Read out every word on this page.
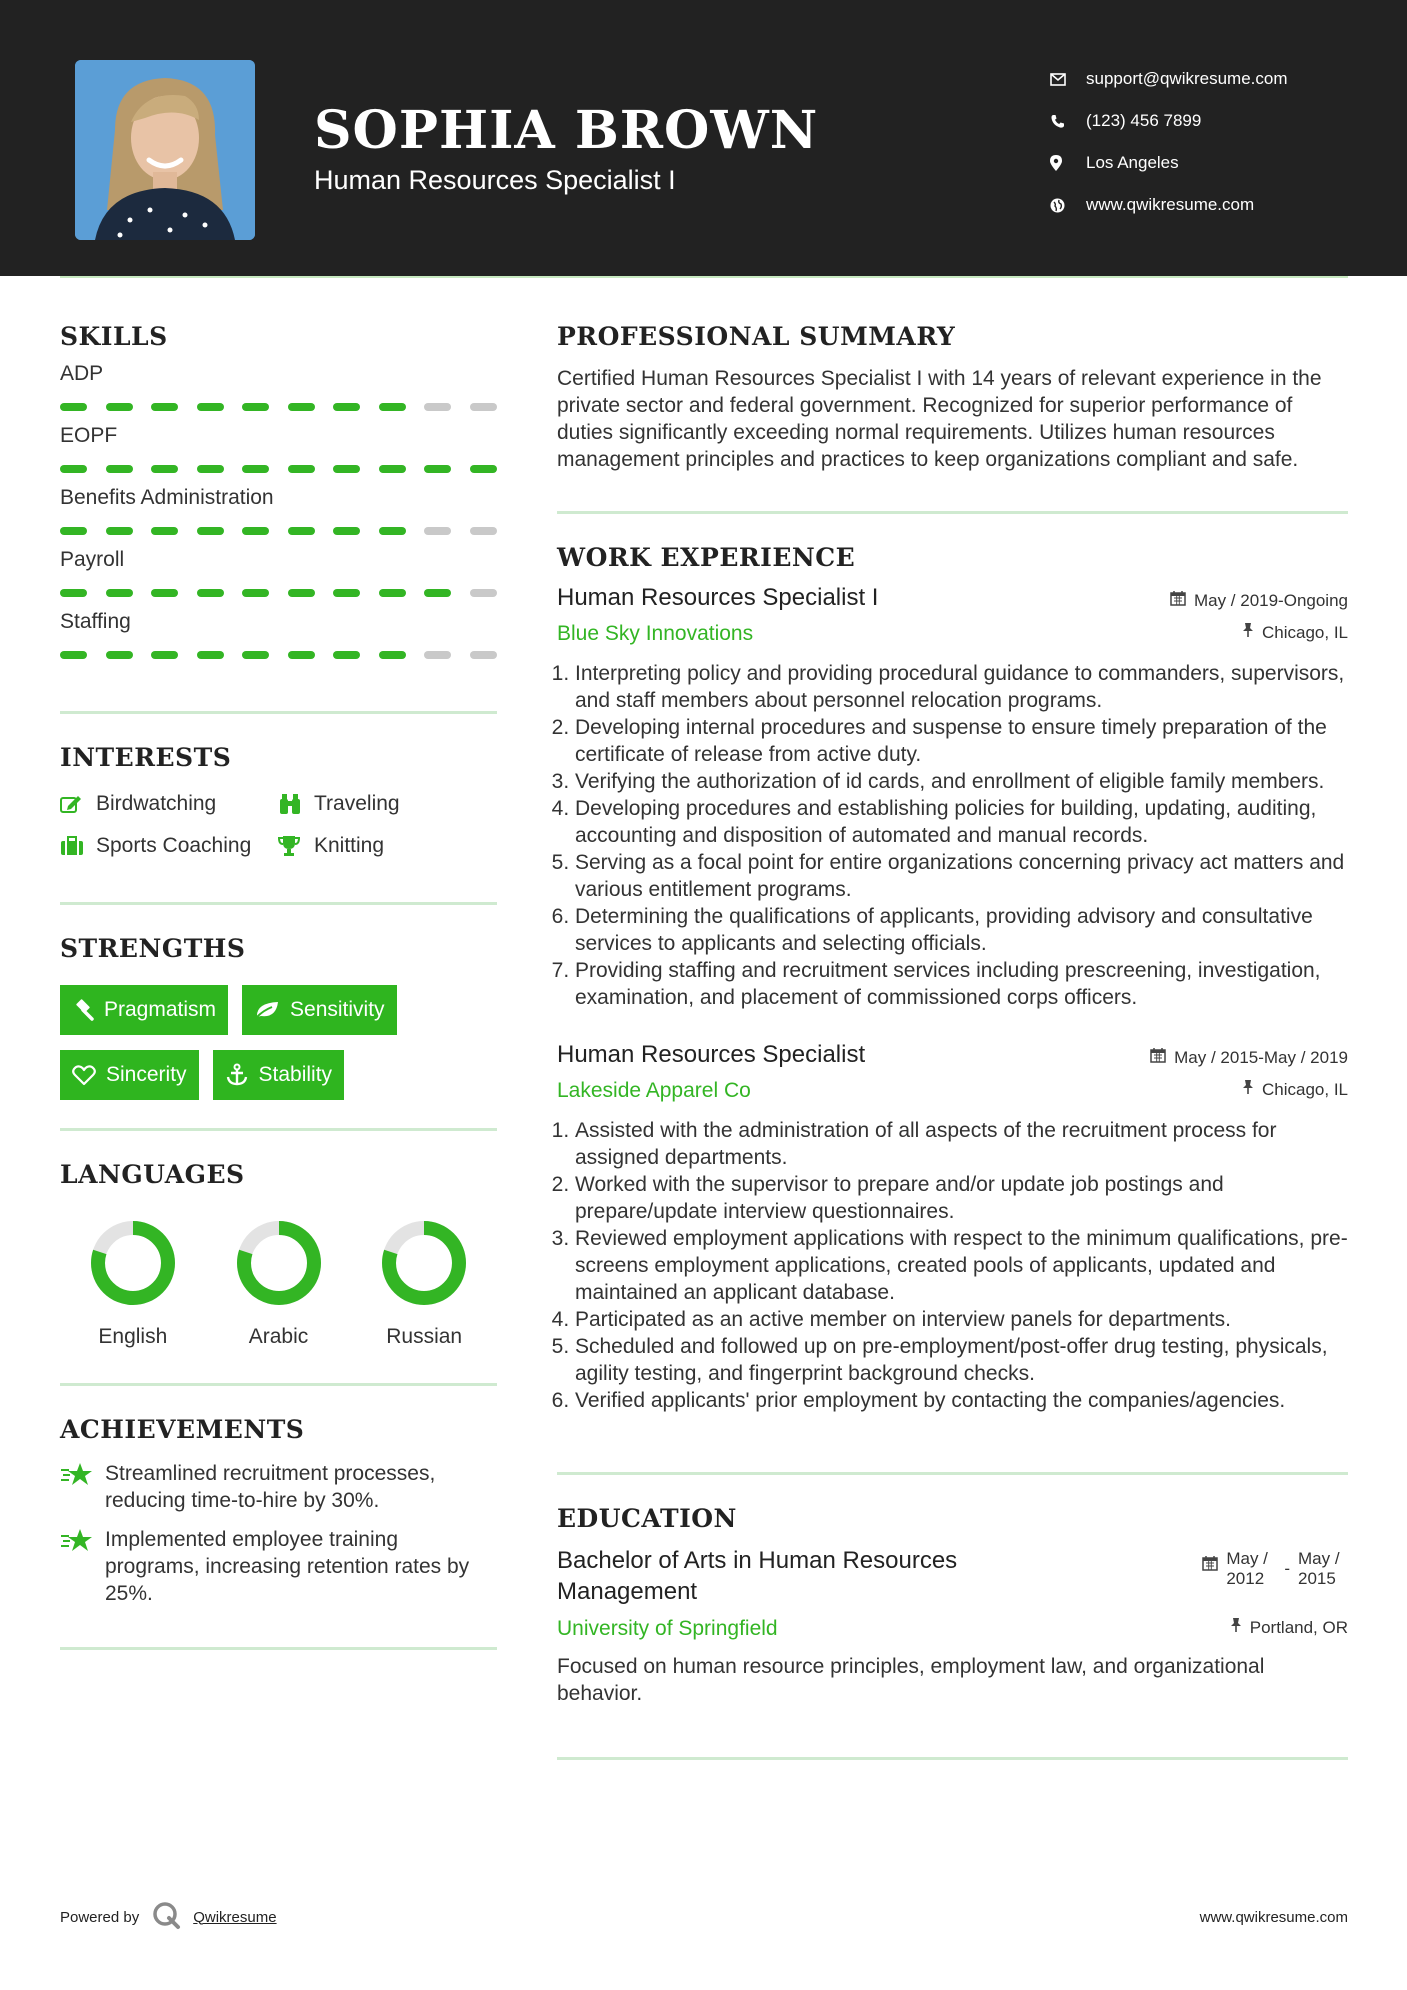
SOPHIA BROWN
Human Resources Specialist I
support@qwikresume.com
(123) 456 7899
Los Angeles
www.qwikresume.com
SKILLS
ADP
EOPF
Benefits Administration
Payroll
Staffing
INTERESTS
Birdwatching	Traveling
Sports Coaching	Knitting
STRENGTHS
Pragmatism	Sensitivity
Sincerity	Stability
LANGUAGES
English	Arabic	Russian
ACHIEVEMENTS
Streamlined recruitment processes, reducing time-to-hire by 30%.
Implemented employee training programs, increasing retention rates by 25%.
PROFESSIONAL SUMMARY
Certified Human Resources Specialist I with 14 years of relevant experience in the private sector and federal government. Recognized for superior performance of duties significantly exceeding normal requirements. Utilizes human resources management principles and practices to keep organizations compliant and safe.
WORK EXPERIENCE
Human Resources Specialist I	May / 2019-Ongoing
Blue Sky Innovations	Chicago, IL
1. Interpreting policy and providing procedural guidance to commanders, supervisors, and staff members about personnel relocation programs.
2. Developing internal procedures and suspense to ensure timely preparation of the certificate of release from active duty.
3. Verifying the authorization of id cards, and enrollment of eligible family members.
4. Developing procedures and establishing policies for building, updating, auditing, accounting and disposition of automated and manual records.
5. Serving as a focal point for entire organizations concerning privacy act matters and various entitlement programs.
6. Determining the qualifications of applicants, providing advisory and consultative services to applicants and selecting officials.
7. Providing staffing and recruitment services including prescreening, investigation, examination, and placement of commissioned corps officers.
Human Resources Specialist	May / 2015-May / 2019
Lakeside Apparel Co	Chicago, IL
1. Assisted with the administration of all aspects of the recruitment process for assigned departments.
2. Worked with the supervisor to prepare and/or update job postings and prepare/update interview questionnaires.
3. Reviewed employment applications with respect to the minimum qualifications, pre-screens employment applications, created pools of applicants, updated and maintained an applicant database.
4. Participated as an active member on interview panels for departments.
5. Scheduled and followed up on pre-employment/post-offer drug testing, physicals, agility testing, and fingerprint background checks.
6. Verified applicants' prior employment by contacting the companies/agencies.
EDUCATION
Bachelor of Arts in Human Resources Management
May / 2012
-
May / 2015
University of Springfield	Portland, OR
Focused on human resource principles, employment law, and organizational behavior.
Powered by	Qwikresume	www.qwikresume.com
